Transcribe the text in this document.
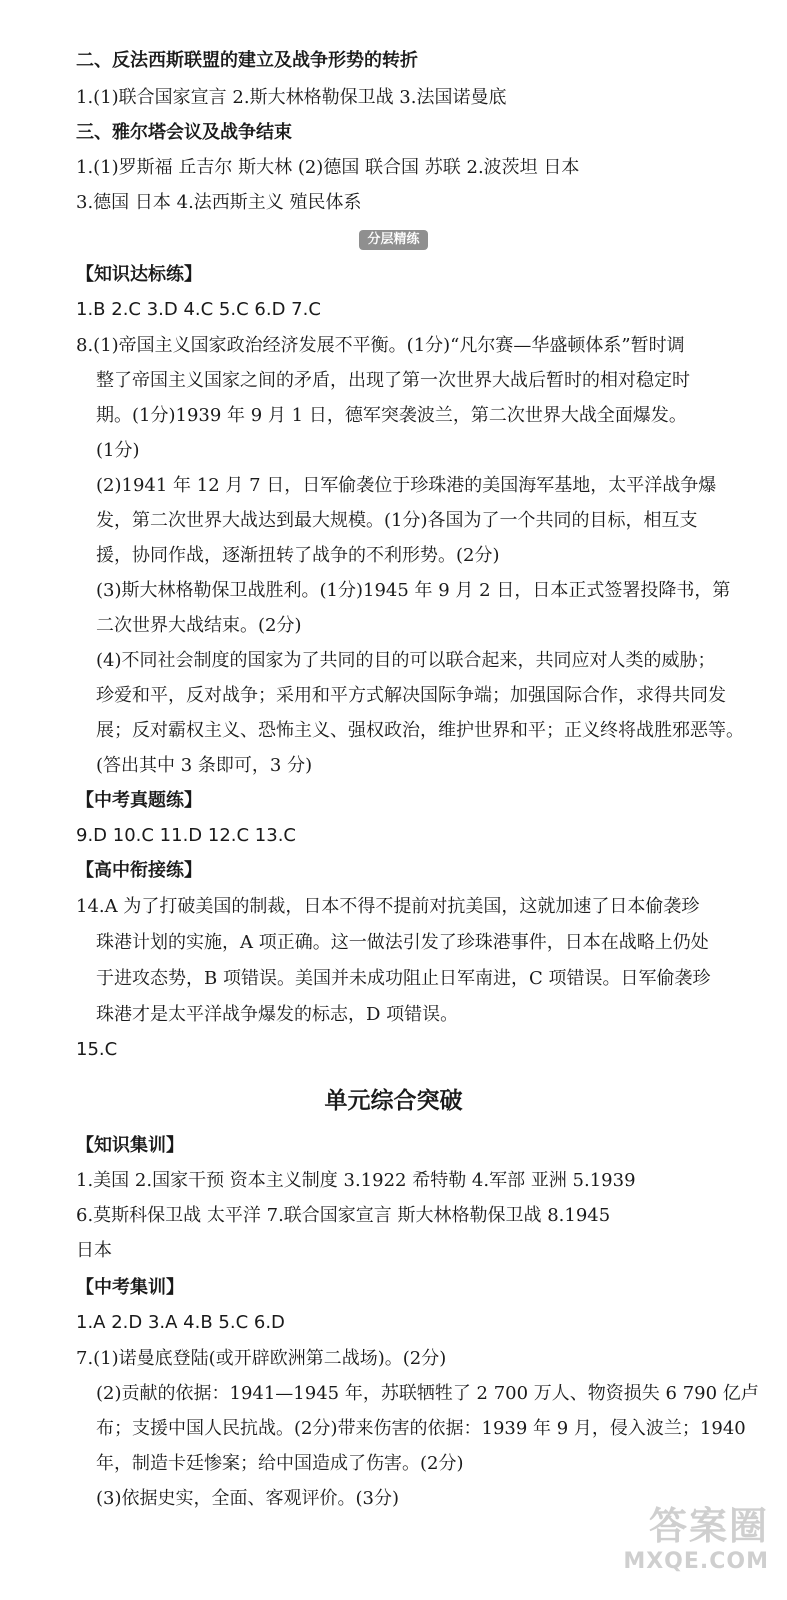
二、反法西斯联盟的建立及战争形势的转折
1.(1)联合国家宣言 2.斯大林格勒保卫战 3.法国诺曼底
三、雅尔塔会议及战争结束
1.(1)罗斯福 丘吉尔 斯大林 (2)德国 联合国 苏联 2.波茨坦 日本
3.德国 日本 4.法西斯主义 殖民体系
分层精练
【知识达标练】
1.B 2.C 3.D 4.C 5.C 6.D 7.C
8.(1)帝国主义国家政治经济发展不平衡。(1分)“凡尔赛—华盛顿体系”暂时调
整了帝国主义国家之间的矛盾，出现了第一次世界大战后暂时的相对稳定时
期。(1分)1939 年 9 月 1 日，德军突袭波兰，第二次世界大战全面爆发。
(1分)
(2)1941 年 12 月 7 日，日军偷袭位于珍珠港的美国海军基地，太平洋战争爆
发，第二次世界大战达到最大规模。(1分)各国为了一个共同的目标，相互支
援，协同作战，逐渐扭转了战争的不利形势。(2分)
(3)斯大林格勒保卫战胜利。(1分)1945 年 9 月 2 日，日本正式签署投降书，第
二次世界大战结束。(2分)
(4)不同社会制度的国家为了共同的目的可以联合起来，共同应对人类的威胁；
珍爱和平，反对战争；采用和平方式解决国际争端；加强国际合作，求得共同发
展；反对霸权主义、恐怖主义、强权政治，维护世界和平；正义终将战胜邪恶等。
(答出其中 3 条即可，3 分)
【中考真题练】
9.D 10.C 11.D 12.C 13.C
【高中衔接练】
14.A 为了打破美国的制裁，日本不得不提前对抗美国，这就加速了日本偷袭珍
珠港计划的实施，A 项正确。这一做法引发了珍珠港事件，日本在战略上仍处
于进攻态势，B 项错误。美国并未成功阻止日军南进，C 项错误。日军偷袭珍
珠港才是太平洋战争爆发的标志，D 项错误。
15.C
单元综合突破
【知识集训】
1.美国 2.国家干预 资本主义制度 3.1922 希特勒 4.军部 亚洲 5.1939
6.莫斯科保卫战 太平洋 7.联合国家宣言 斯大林格勒保卫战 8.1945
日本
【中考集训】
1.A 2.D 3.A 4.B 5.C 6.D
7.(1)诺曼底登陆(或开辟欧洲第二战场)。(2分)
(2)贡献的依据：1941—1945 年，苏联牺牲了 2 700 万人、物资损失 6 790 亿卢
布；支援中国人民抗战。(2分)带来伤害的依据：1939 年 9 月，侵入波兰；1940
年，制造卡廷惨案；给中国造成了伤害。(2分)
(3)依据史实，全面、客观评价。(3分)
答案圈
MXQE.COM
